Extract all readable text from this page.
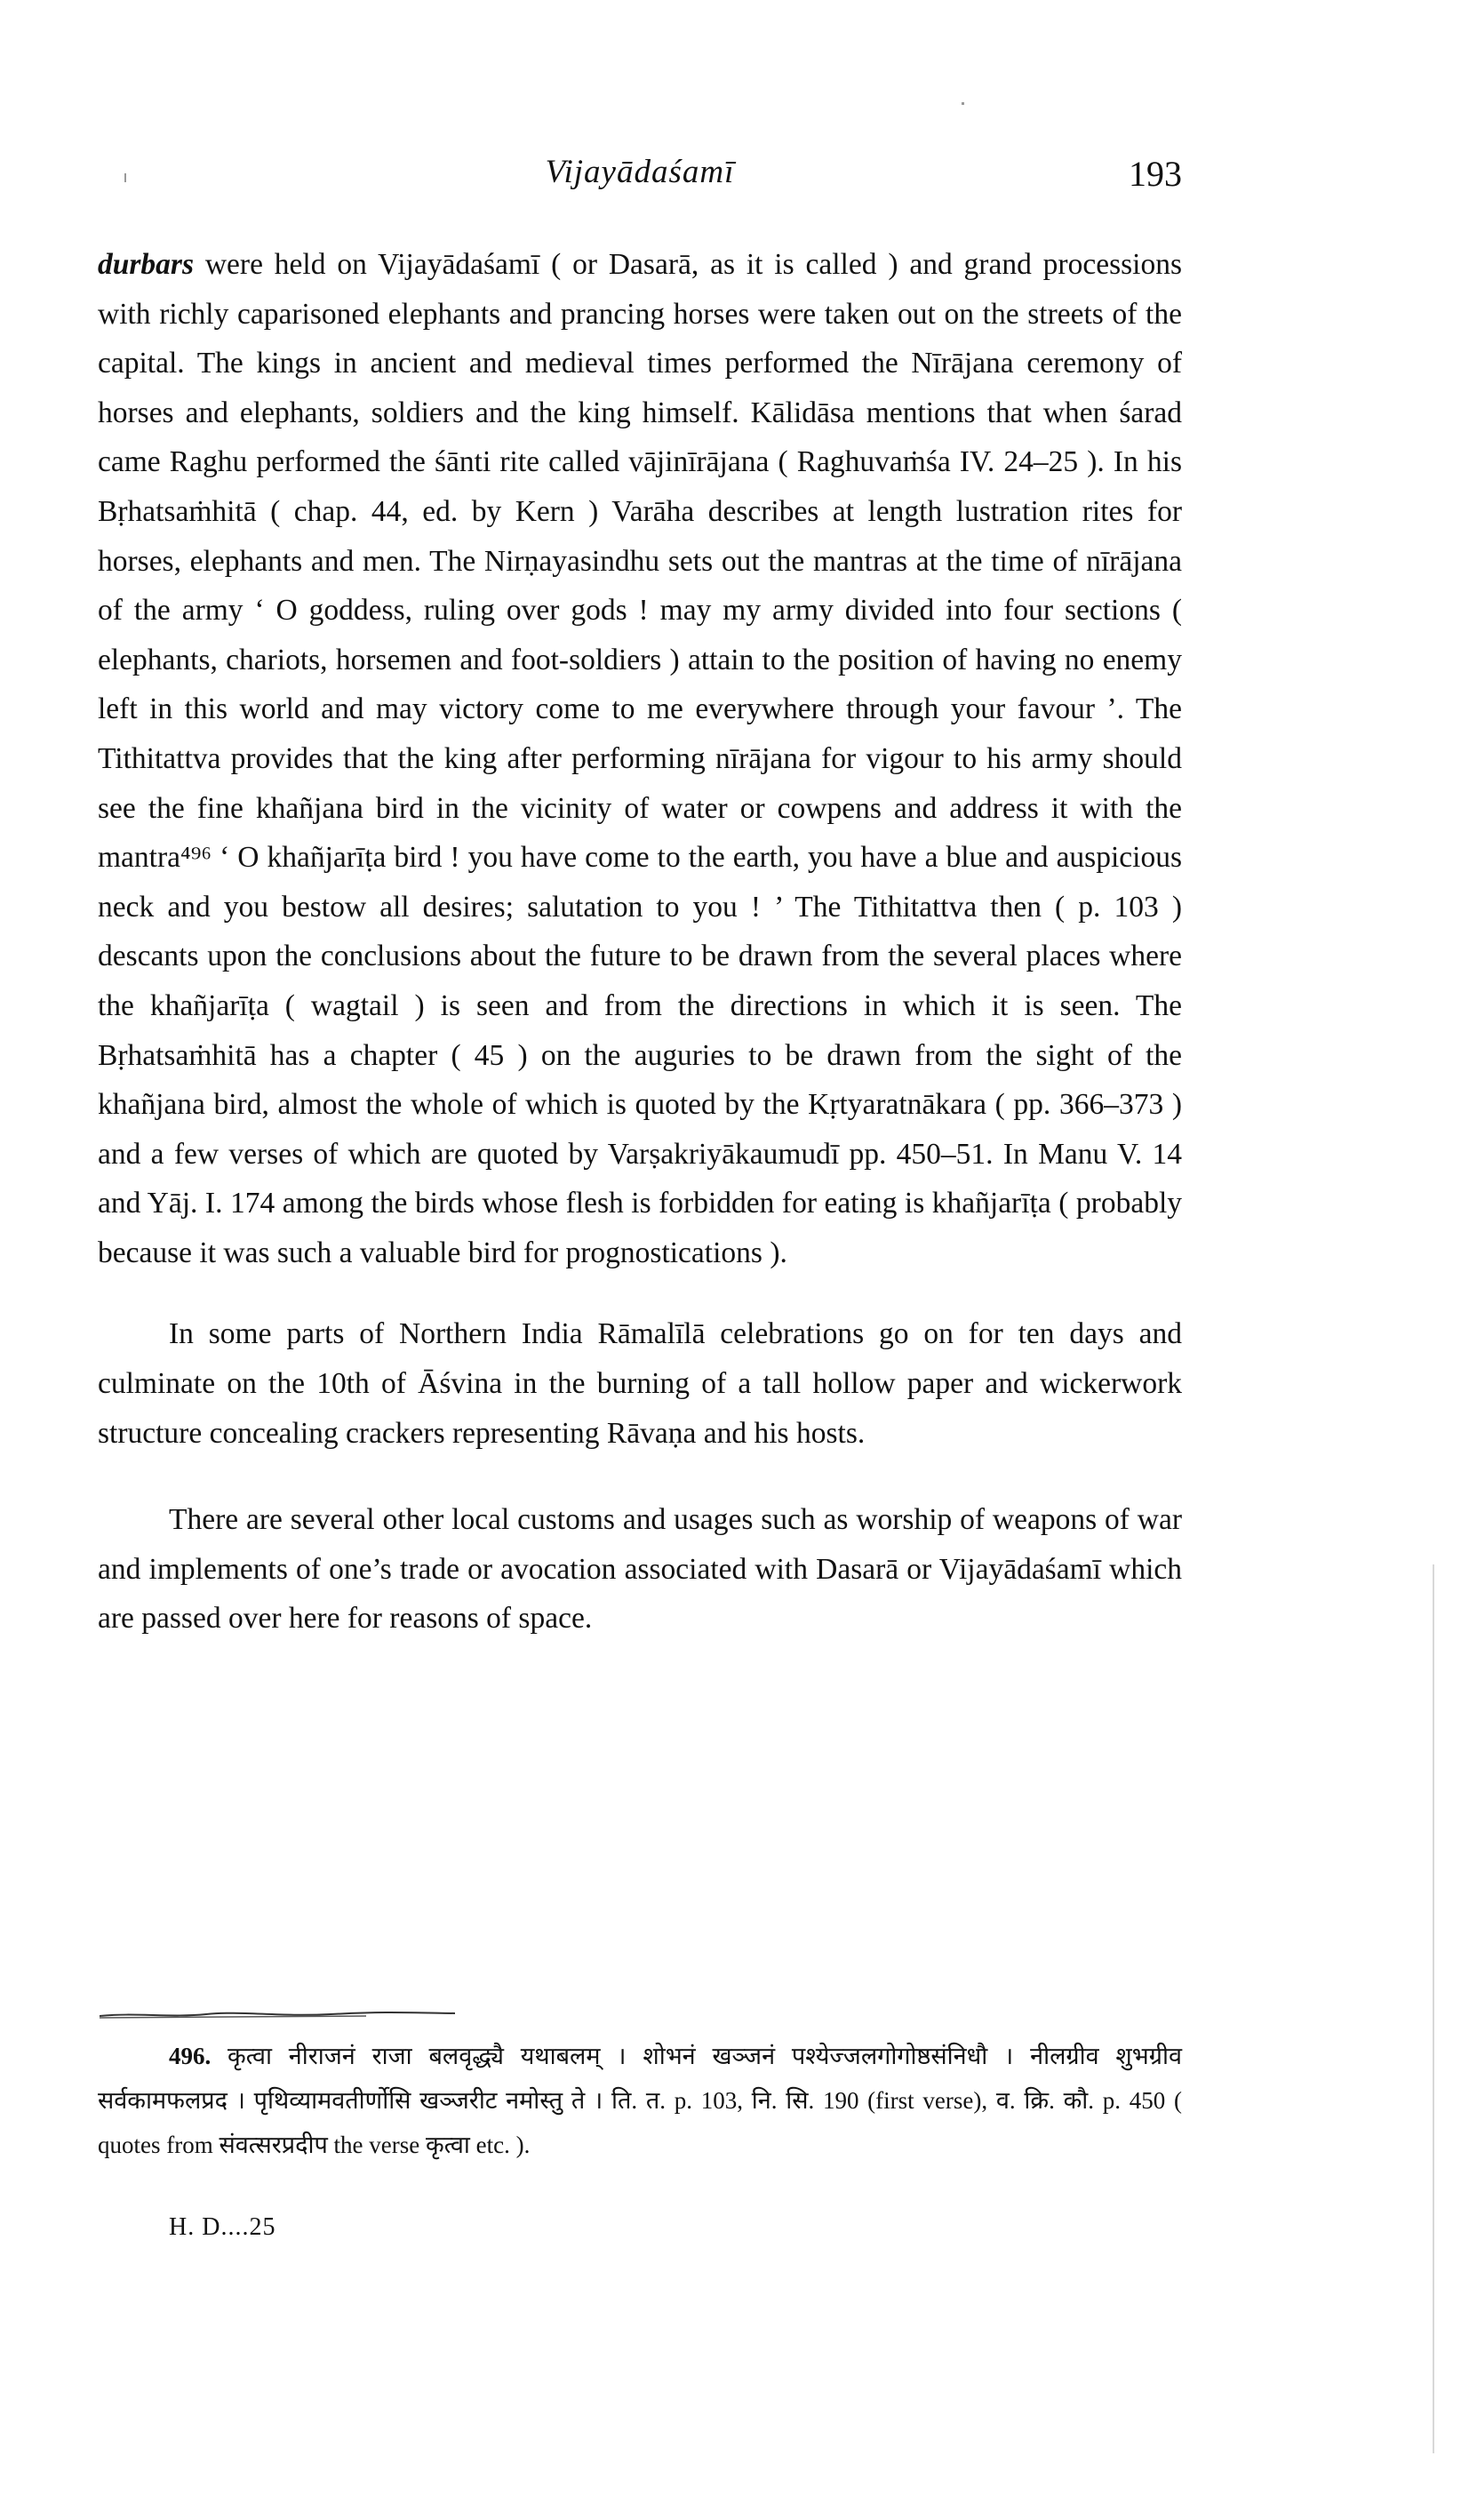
Vijayādaśamī	193

durbars were held on Vijayādaśamī ( or Dasarā, as it is called ) and grand processions with richly caparisoned elephants and prancing horses were taken out on the streets of the capital. The kings in ancient and medieval times performed the Nīrājana ceremony of horses and elephants, soldiers and the king himself. Kālidāsa mentions that when śarad came Raghu performed the śānti rite called vājinīrājana ( Raghuvaṁśa IV. 24–25 ). In his Bṛhatsaṁhitā ( chap. 44, ed. by Kern ) Varāha describes at length lustration rites for horses, elephants and men. The Nirṇayasindhu sets out the mantras at the time of nīrājana of the army ‘ O goddess, ruling over gods ! may my army divided into four sections ( elephants, chariots, horsemen and foot-soldiers ) attain to the position of having no enemy left in this world and may victory come to me everywhere through your favour ’. The Tithitattva provides that the king after performing nīrājana for vigour to his army should see the fine khañjana bird in the vicinity of water or cowpens and address it with the mantra⁴⁹⁶ ‘ O khañjarīṭa bird ! you have come to the earth, you have a blue and auspicious neck and you bestow all desires; salutation to you ! ’ The Tithitattva then ( p. 103 ) descants upon the conclusions about the future to be drawn from the several places where the khañjarīṭa ( wagtail ) is seen and from the directions in which it is seen. The Bṛhatsaṁhitā has a chapter ( 45 ) on the auguries to be drawn from the sight of the khañjana bird, almost the whole of which is quoted by the Kṛtyaratnākara ( pp. 366–373 ) and a few verses of which are quoted by Varṣakriyākaumudī pp. 450–51. In Manu V. 14 and Yāj. I. 174 among the birds whose flesh is forbidden for eating is khañjarīṭa ( probably because it was such a valuable bird for prognostications ).

In some parts of Northern India Rāmalīlā celebrations go on for ten days and culminate on the 10th of Āśvina in the burning of a tall hollow paper and wickerwork structure concealing crackers representing Rāvaṇa and his hosts.

There are several other local customs and usages such as worship of weapons of war and implements of one’s trade or avocation associated with Dasarā or Vijayādaśamī which are passed over here for reasons of space.

496. कृत्वा नीराजनं राजा बलवृद्ध्यै यथाबलम् । शोभनं खञ्जनं पश्येज्जलगोगोष्ठसंनिधौ । नीलग्रीव शुभग्रीव सर्वकामफलप्रद । पृथिव्यामवतीर्णोसि खञ्जरीट नमोस्तु ते । ति. त. p. 103, नि. सि. 190 (first verse), व. क्रि. कौ. p. 450 ( quotes from संवत्सरप्रदीप the verse कृत्वा etc. ).

H. D....25
